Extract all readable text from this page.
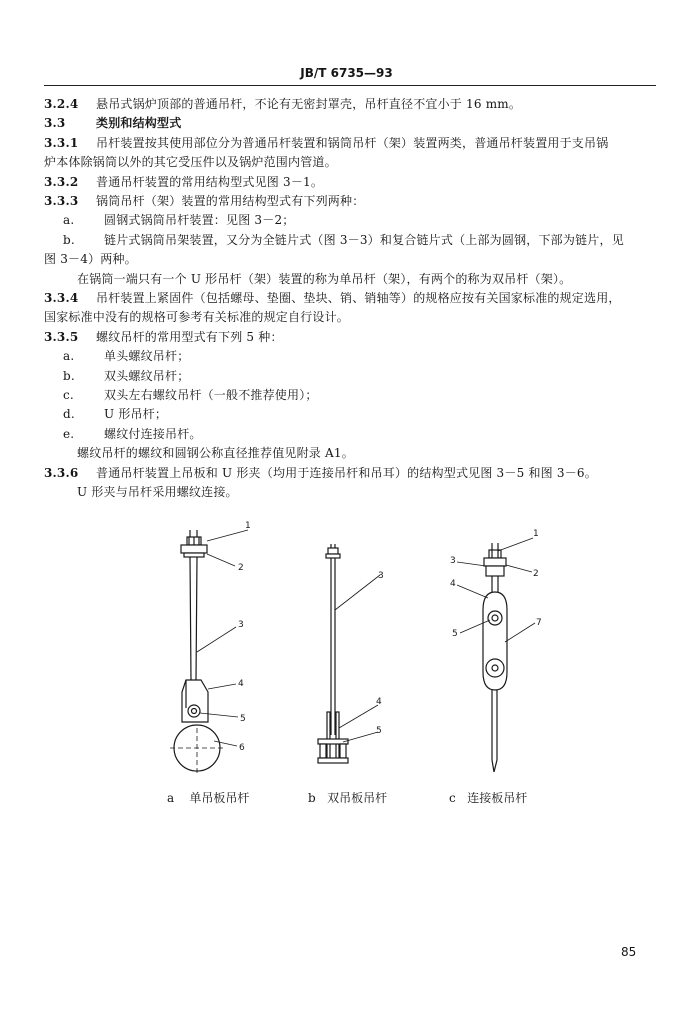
JB/T 6735—93
3.2.4 悬吊式锅炉顶部的普通吊杆，不论有无密封罩壳，吊杆直径不宜小于 16 mm。
3.3	类别和结构型式
3.3.1 吊杆装置按其使用部位分为普通吊杆装置和锅筒吊杆（架）装置两类，普通吊杆装置用于支吊锅
炉本体除锅筒以外的其它受压件以及锅炉范围内管道。
3.3.2 普通吊杆装置的常用结构型式见图 3－1。
3.3.3 锅筒吊杆（架）装置的常用结构型式有下列两种：
a. 圆钢式锅筒吊杆装置：见图 3－2；
b. 链片式锅筒吊架装置，又分为全链片式（图 3－3）和复合链片式（上部为圆钢，下部为链片，见
图 3－4）两种。
在锅筒一端只有一个 U 形吊杆（架）装置的称为单吊杆（架），有两个的称为双吊杆（架）。
3.3.4 吊杆装置上紧固件（包括螺母、垫圈、垫块、销、销轴等）的规格应按有关国家标准的规定选用，
国家标准中没有的规格可参考有关标准的规定自行设计。
3.3.5 螺纹吊杆的常用型式有下列 5 种：
a. 单头螺纹吊杆；
b. 双头螺纹吊杆；
c.	双头左右螺纹吊杆（一般不推荐使用）；
d. U 形吊杆；
e. 螺纹付连接吊杆。
螺纹吊杆的螺纹和圆钢公称直径推荐值见附录 A1。
3.3.6 普通吊杆装置上吊板和 U 形夹（均用于连接吊杆和吊耳）的结构型式见图 3－5 和图 3－6。
U 形夹与吊杆采用螺纹连接。
1
2
3
4
5
6
3
4
5
1
3
2
4
5
7
a 单吊板吊杆	b 双吊板吊杆	c 连接板吊杆
85
